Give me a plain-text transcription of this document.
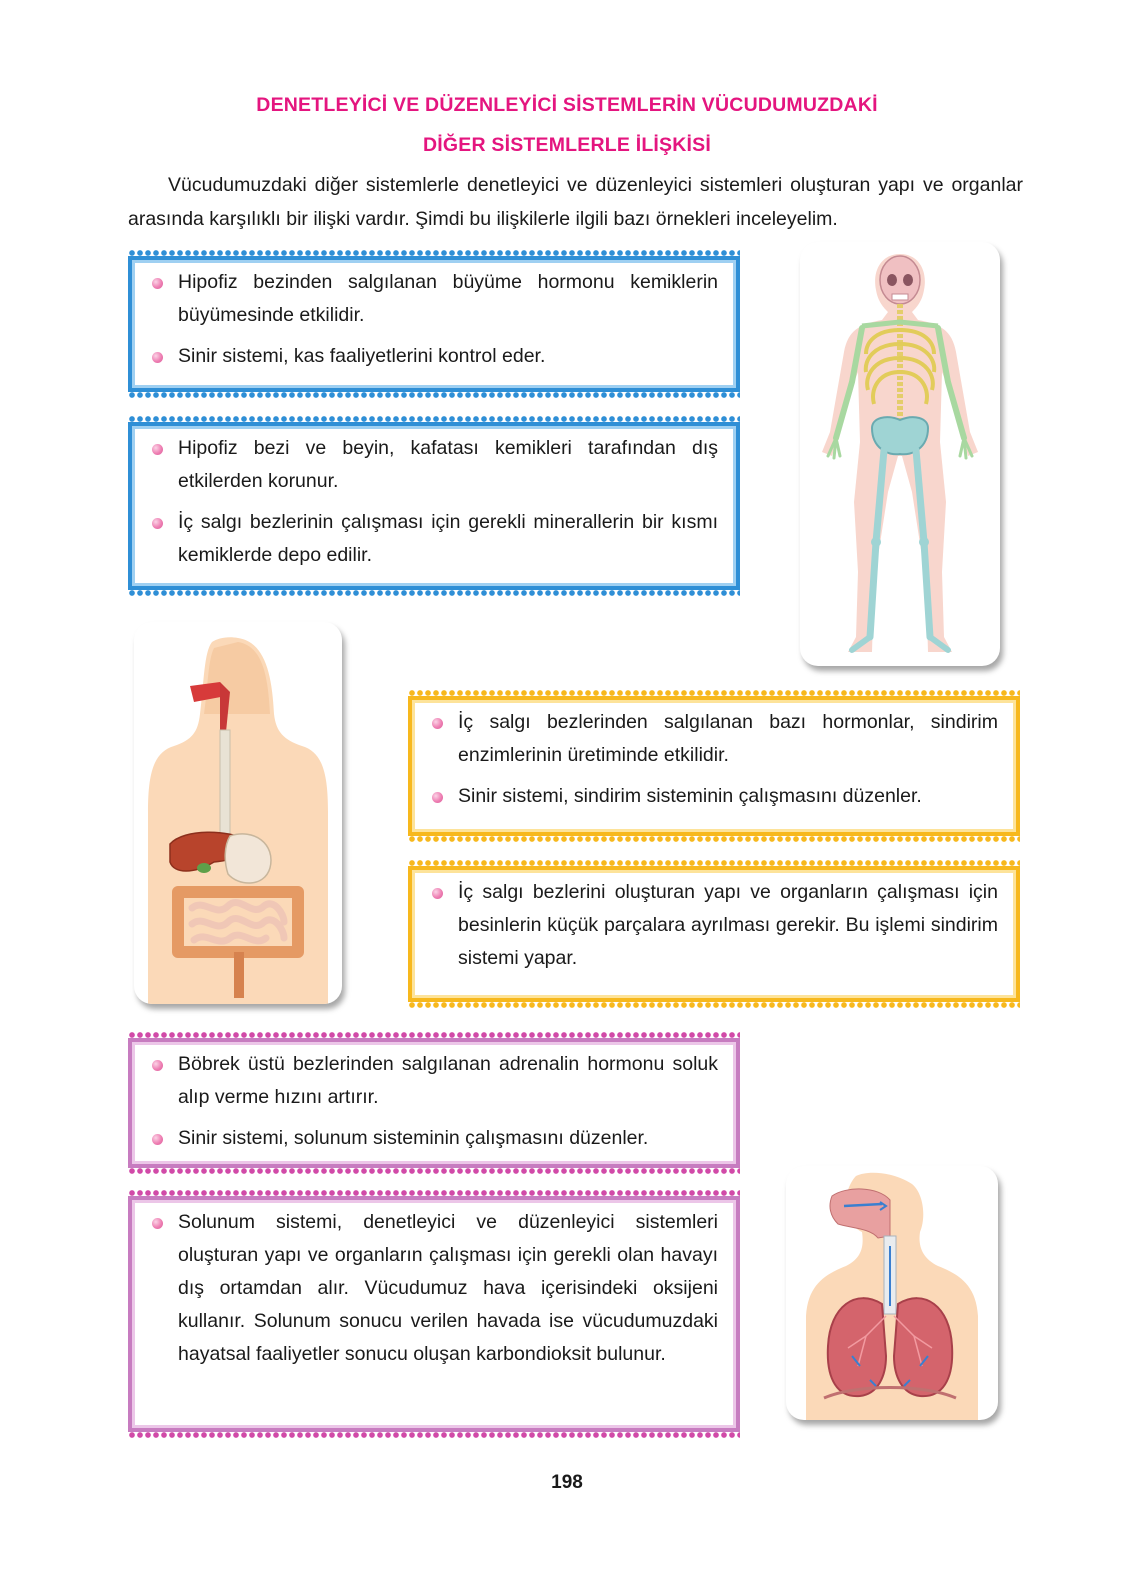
DENETLEYİCİ VE DÜZENLEYİCİ SİSTEMLERİN VÜCUDUMUZDAKİ
DİĞER SİSTEMLERLE İLİŞKİSİ

Vücudumuzdaki diğer sistemlerle denetleyici ve düzenleyici sistemleri oluşturan yapı ve organlar arasında karşılıklı bir ilişki vardır. Şimdi bu ilişkilerle ilgili bazı örnekleri inceleyelim.

Hipofiz bezinden salgılanan büyüme hormonu kemiklerin büyümesinde etkilidir.

Sinir sistemi, kas faaliyetlerini kontrol eder.

Hipofiz bezi ve beyin, kafatası kemikleri tarafından dış etkilerden korunur.

İç salgı bezlerinin çalışması için gerekli minerallerin bir kısmı kemiklerde depo edilir.

İç salgı bezlerinden salgılanan bazı hormonlar, sindirim enzimlerinin üretiminde etkilidir.

Sinir sistemi, sindirim sisteminin çalışmasını düzenler.

İç salgı bezlerini oluşturan yapı ve organların çalışması için besinlerin küçük parçalara ayrılması gerekir. Bu işlemi sindirim sistemi yapar.

Böbrek üstü bezlerinden salgılanan adrenalin hormonu soluk alıp verme hızını artırır.

Sinir sistemi, solunum sisteminin çalışmasını düzenler.

Solunum sistemi, denetleyici ve düzenleyici sistemleri oluşturan yapı ve organların çalışması için gerekli olan havayı dış ortamdan alır. Vücudumuz hava içerisindeki oksijeni kullanır. Solunum sonucu verilen havada ise vücudumuzdaki hayatsal faaliyetler sonucu oluşan karbondioksit bulunur.

198
